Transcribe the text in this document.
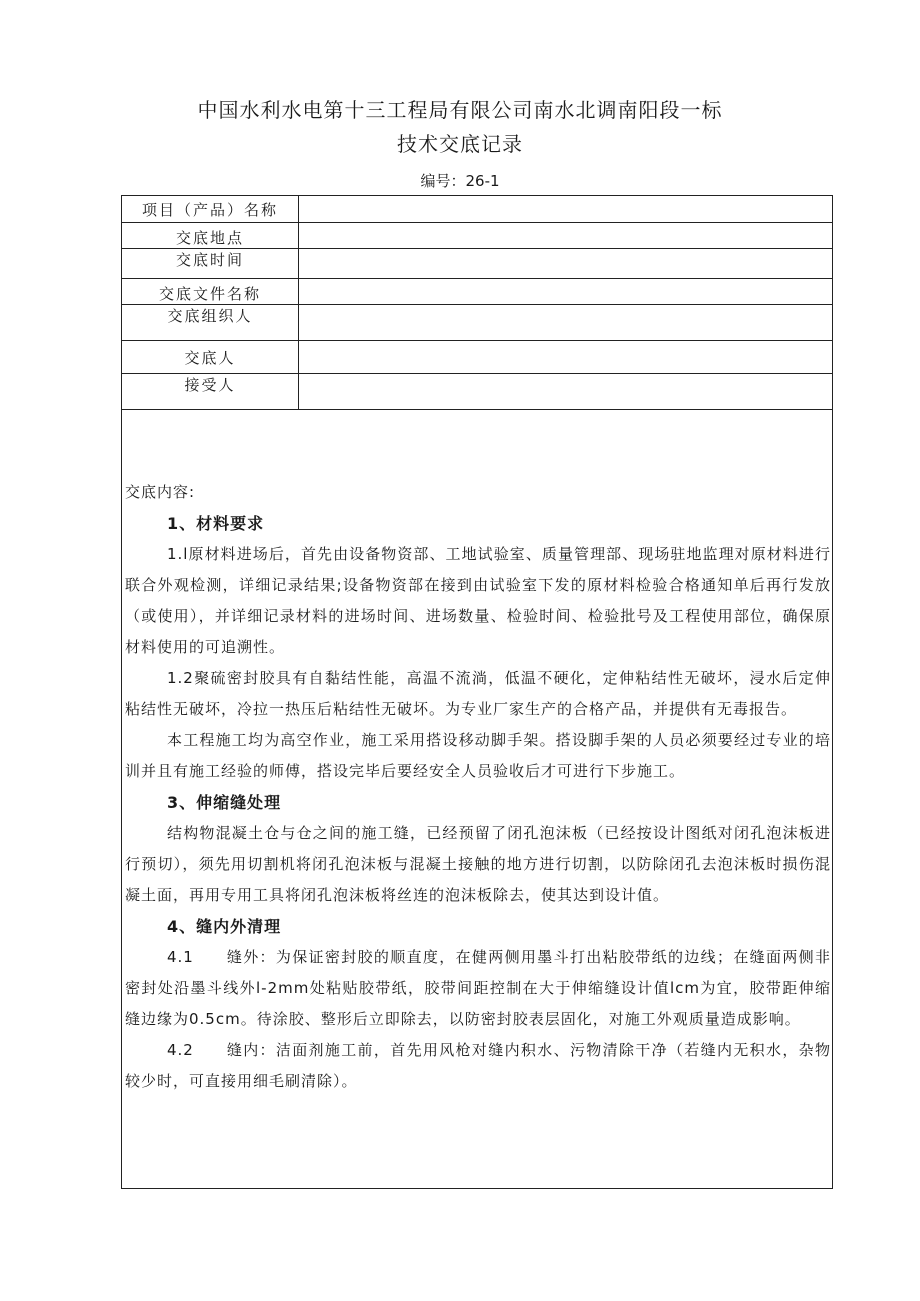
中国水利水电第十三工程局有限公司南水北调南阳段一标
技术交底记录
编号：26-1
项目（产品）名称	
交底地点	
交底时间	
交底文件名称	
交底组织人	
交底人	
接受人	

交底内容:

1、材料要求

1.l原材料进场后，首先由设备物资部、工地试验室、质量管理部、现场驻地监理对原材料进行联合外观检测，详细记录结果;设备物资部在接到由试验室下发的原材料检验合格通知单后再行发放（或使用），并详细记录材料的进场时间、进场数量、检验时间、检验批号及工程使用部位，确保原材料使用的可追溯性。

1.2聚硫密封胶具有自黏结性能，高温不流淌，低温不硬化，定伸粘结性无破坏，浸水后定伸粘结性无破坏，冷拉一热压后粘结性无破坏。为专业厂家生产的合格产品，并提供有无毒报告。

本工程施工均为高空作业，施工采用搭设移动脚手架。搭设脚手架的人员必须要经过专业的培训并且有施工经验的师傅，搭设完毕后要经安全人员验收后才可进行下步施工。

3、伸缩缝处理

结构物混凝土仓与仓之间的施工缝，已经预留了闭孔泡沫板（已经按设计图纸对闭孔泡沫板进行预切），须先用切割机将闭孔泡沫板与混凝土接触的地方进行切割，以防除闭孔去泡沫板时损伤混凝土面，再用专用工具将闭孔泡沫板将丝连的泡沫板除去，使其达到设计值。

4、缝内外清理

4.1　　缝外：为保证密封胶的顺直度，在健两侧用墨斗打出粘胶带纸的边线；在缝面两侧非密封处沿墨斗线外l-2mm处粘贴胶带纸，胶带间距控制在大于伸缩缝设计值lcm为宜，胶带距伸缩缝边缘为0.5cm。待涂胶、整形后立即除去，以防密封胶表层固化，对施工外观质量造成影响。

4.2　　缝内：洁面剂施工前，首先用风枪对缝内积水、污物清除干净（若缝内无积水，杂物较少时，可直接用细毛刷清除）。
